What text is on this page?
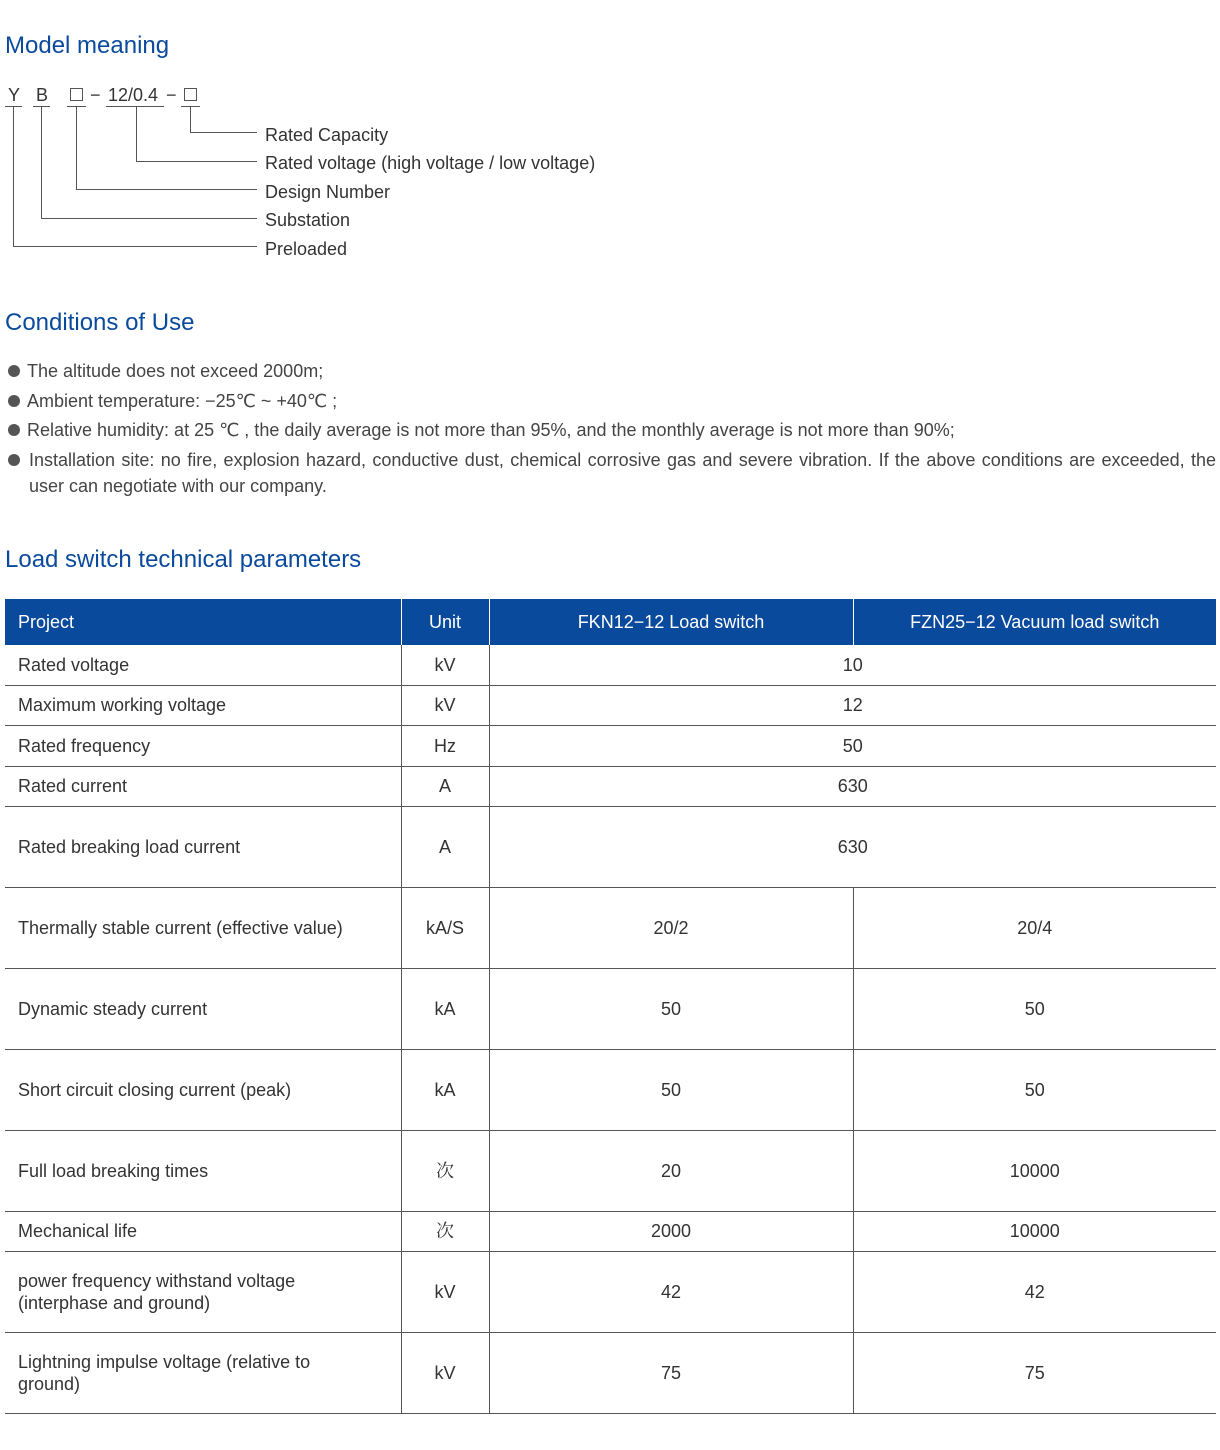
Model meaning
Y B − 12/0.4 −
Rated Capacity
Rated voltage (high voltage / low voltage)
Design Number
Substation
Preloaded
Conditions of Use
The altitude does not exceed 2000m;
Ambient temperature: −25℃ ~ +40℃ ;
Relative humidity: at 25 ℃ , the daily average is not more than 95%, and the monthly average is not more than 90%;
Installation site: no fire, explosion hazard, conductive dust, chemical corrosive gas and severe vibration. If the above conditions are exceeded, the user can negotiate with our company.
Load switch technical parameters
Project	Unit	FKN12−12 Load switch	FZN25−12 Vacuum load switch
Rated voltage	kV	10	
Maximum working voltage	kV	12	
Rated frequency	Hz	50	
Rated current	A	630	
Rated breaking load current	A	630	
Thermally stable current (effective value)	kA/S	20/2	20/4
Dynamic steady current	kA	50	50
Short circuit closing current (peak)	kA	50	50
Full load breaking times	次	20	10000
Mechanical life	次	2000	10000
power frequency withstand voltage
(interphase and ground)	kV	42	42
Lightning impulse voltage (relative to
ground)	kV	75	75
